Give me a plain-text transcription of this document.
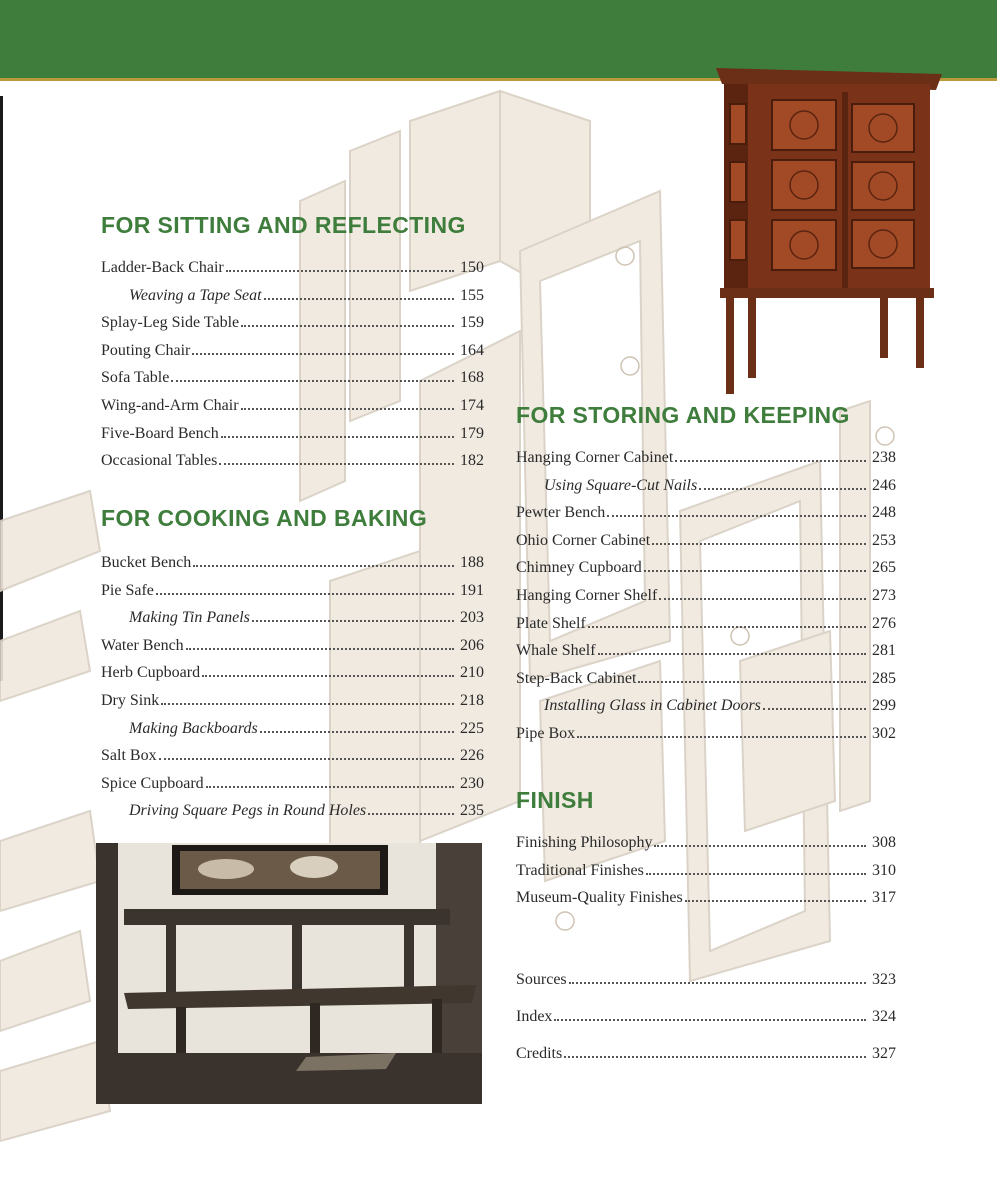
FOR SITTING AND REFLECTING
Ladder-Back Chair	150
Weaving a Tape Seat	155
Splay-Leg Side Table	159
Pouting Chair	164
Sofa Table	168
Wing-and-Arm Chair	174
Five-Board Bench	179
Occasional Tables	182
FOR COOKING AND BAKING
Bucket Bench	188
Pie Safe	191
Making Tin Panels	203
Water Bench	206
Herb Cupboard	210
Dry Sink	218
Making Backboards	225
Salt Box	226
Spice Cupboard	230
Driving Square Pegs in Round Holes	235
FOR STORING AND KEEPING
Hanging Corner Cabinet	238
Using Square-Cut Nails	246
Pewter Bench	248
Ohio Corner Cabinet	253
Chimney Cupboard	265
Hanging Corner Shelf	273
Plate Shelf	276
Whale Shelf	281
Step-Back Cabinet	285
Installing Glass in Cabinet Doors	299
Pipe Box	302
FINISH
Finishing Philosophy	308
Traditional Finishes	310
Museum-Quality Finishes	317
Sources	323
Index	324
Credits	327
